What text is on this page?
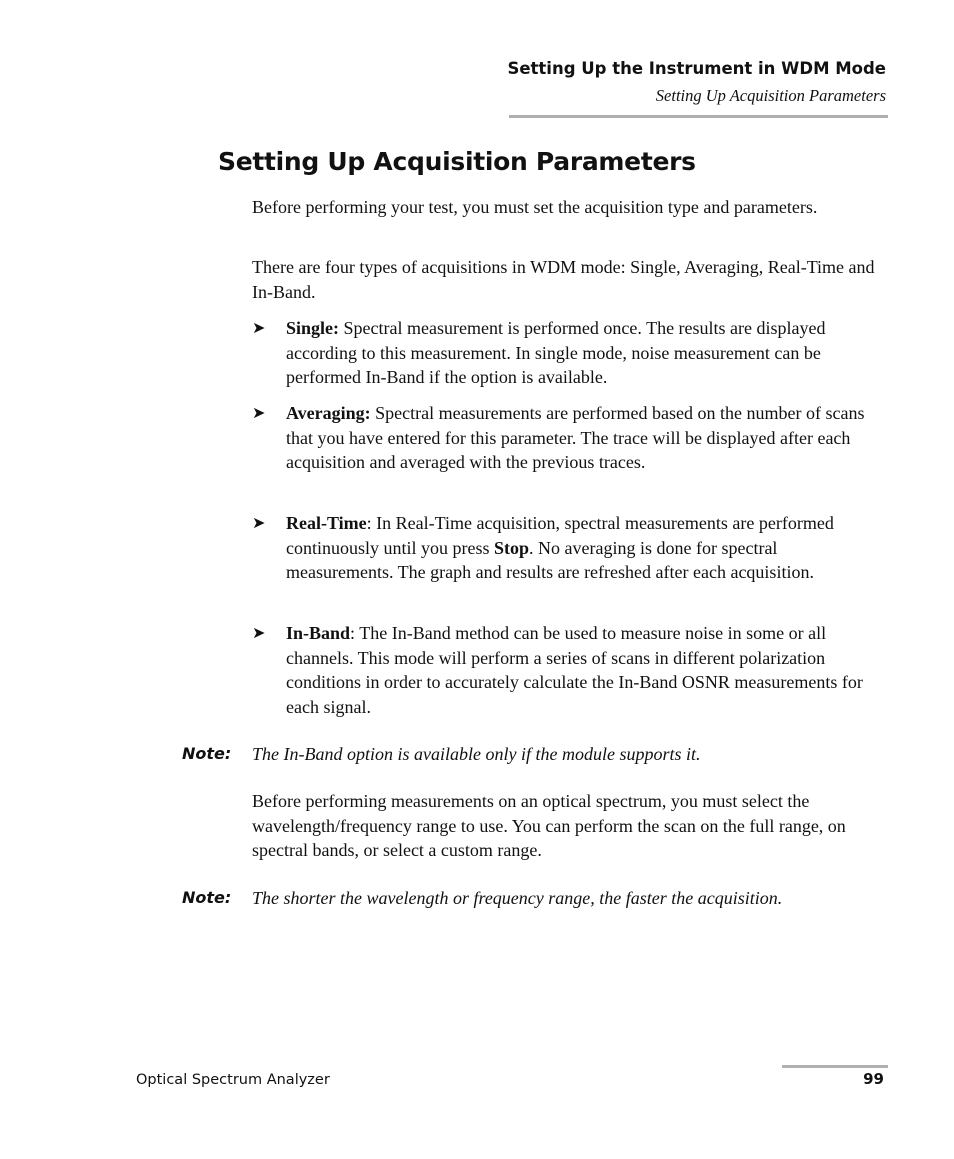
Setting Up the Instrument in WDM Mode
Setting Up Acquisition Parameters
Setting Up Acquisition Parameters

Before performing your test, you must set the acquisition type and parameters.

There are four types of acquisitions in WDM mode: Single, Averaging, Real-Time and In-Band.

➤	Single: Spectral measurement is performed once. The results are displayed according to this measurement. In single mode, noise measurement can be performed In-Band if the option is available.
➤	Averaging: Spectral measurements are performed based on the number of scans that you have entered for this parameter. The trace will be displayed after each acquisition and averaged with the previous traces.
➤	Real-Time: In Real-Time acquisition, spectral measurements are performed continuously until you press Stop. No averaging is done for spectral measurements. The graph and results are refreshed after each acquisition.
➤	In-Band: The In-Band method can be used to measure noise in some or all channels. This mode will perform a series of scans in different polarization conditions in order to accurately calculate the In-Band OSNR measurements for each signal.
Note: The In-Band option is available only if the module supports it.

Before performing measurements on an optical spectrum, you must select the wavelength/frequency range to use. You can perform the scan on the full range, on spectral bands, or select a custom range.

Note: The shorter the wavelength or frequency range, the faster the acquisition.
Optical Spectrum Analyzer	99
